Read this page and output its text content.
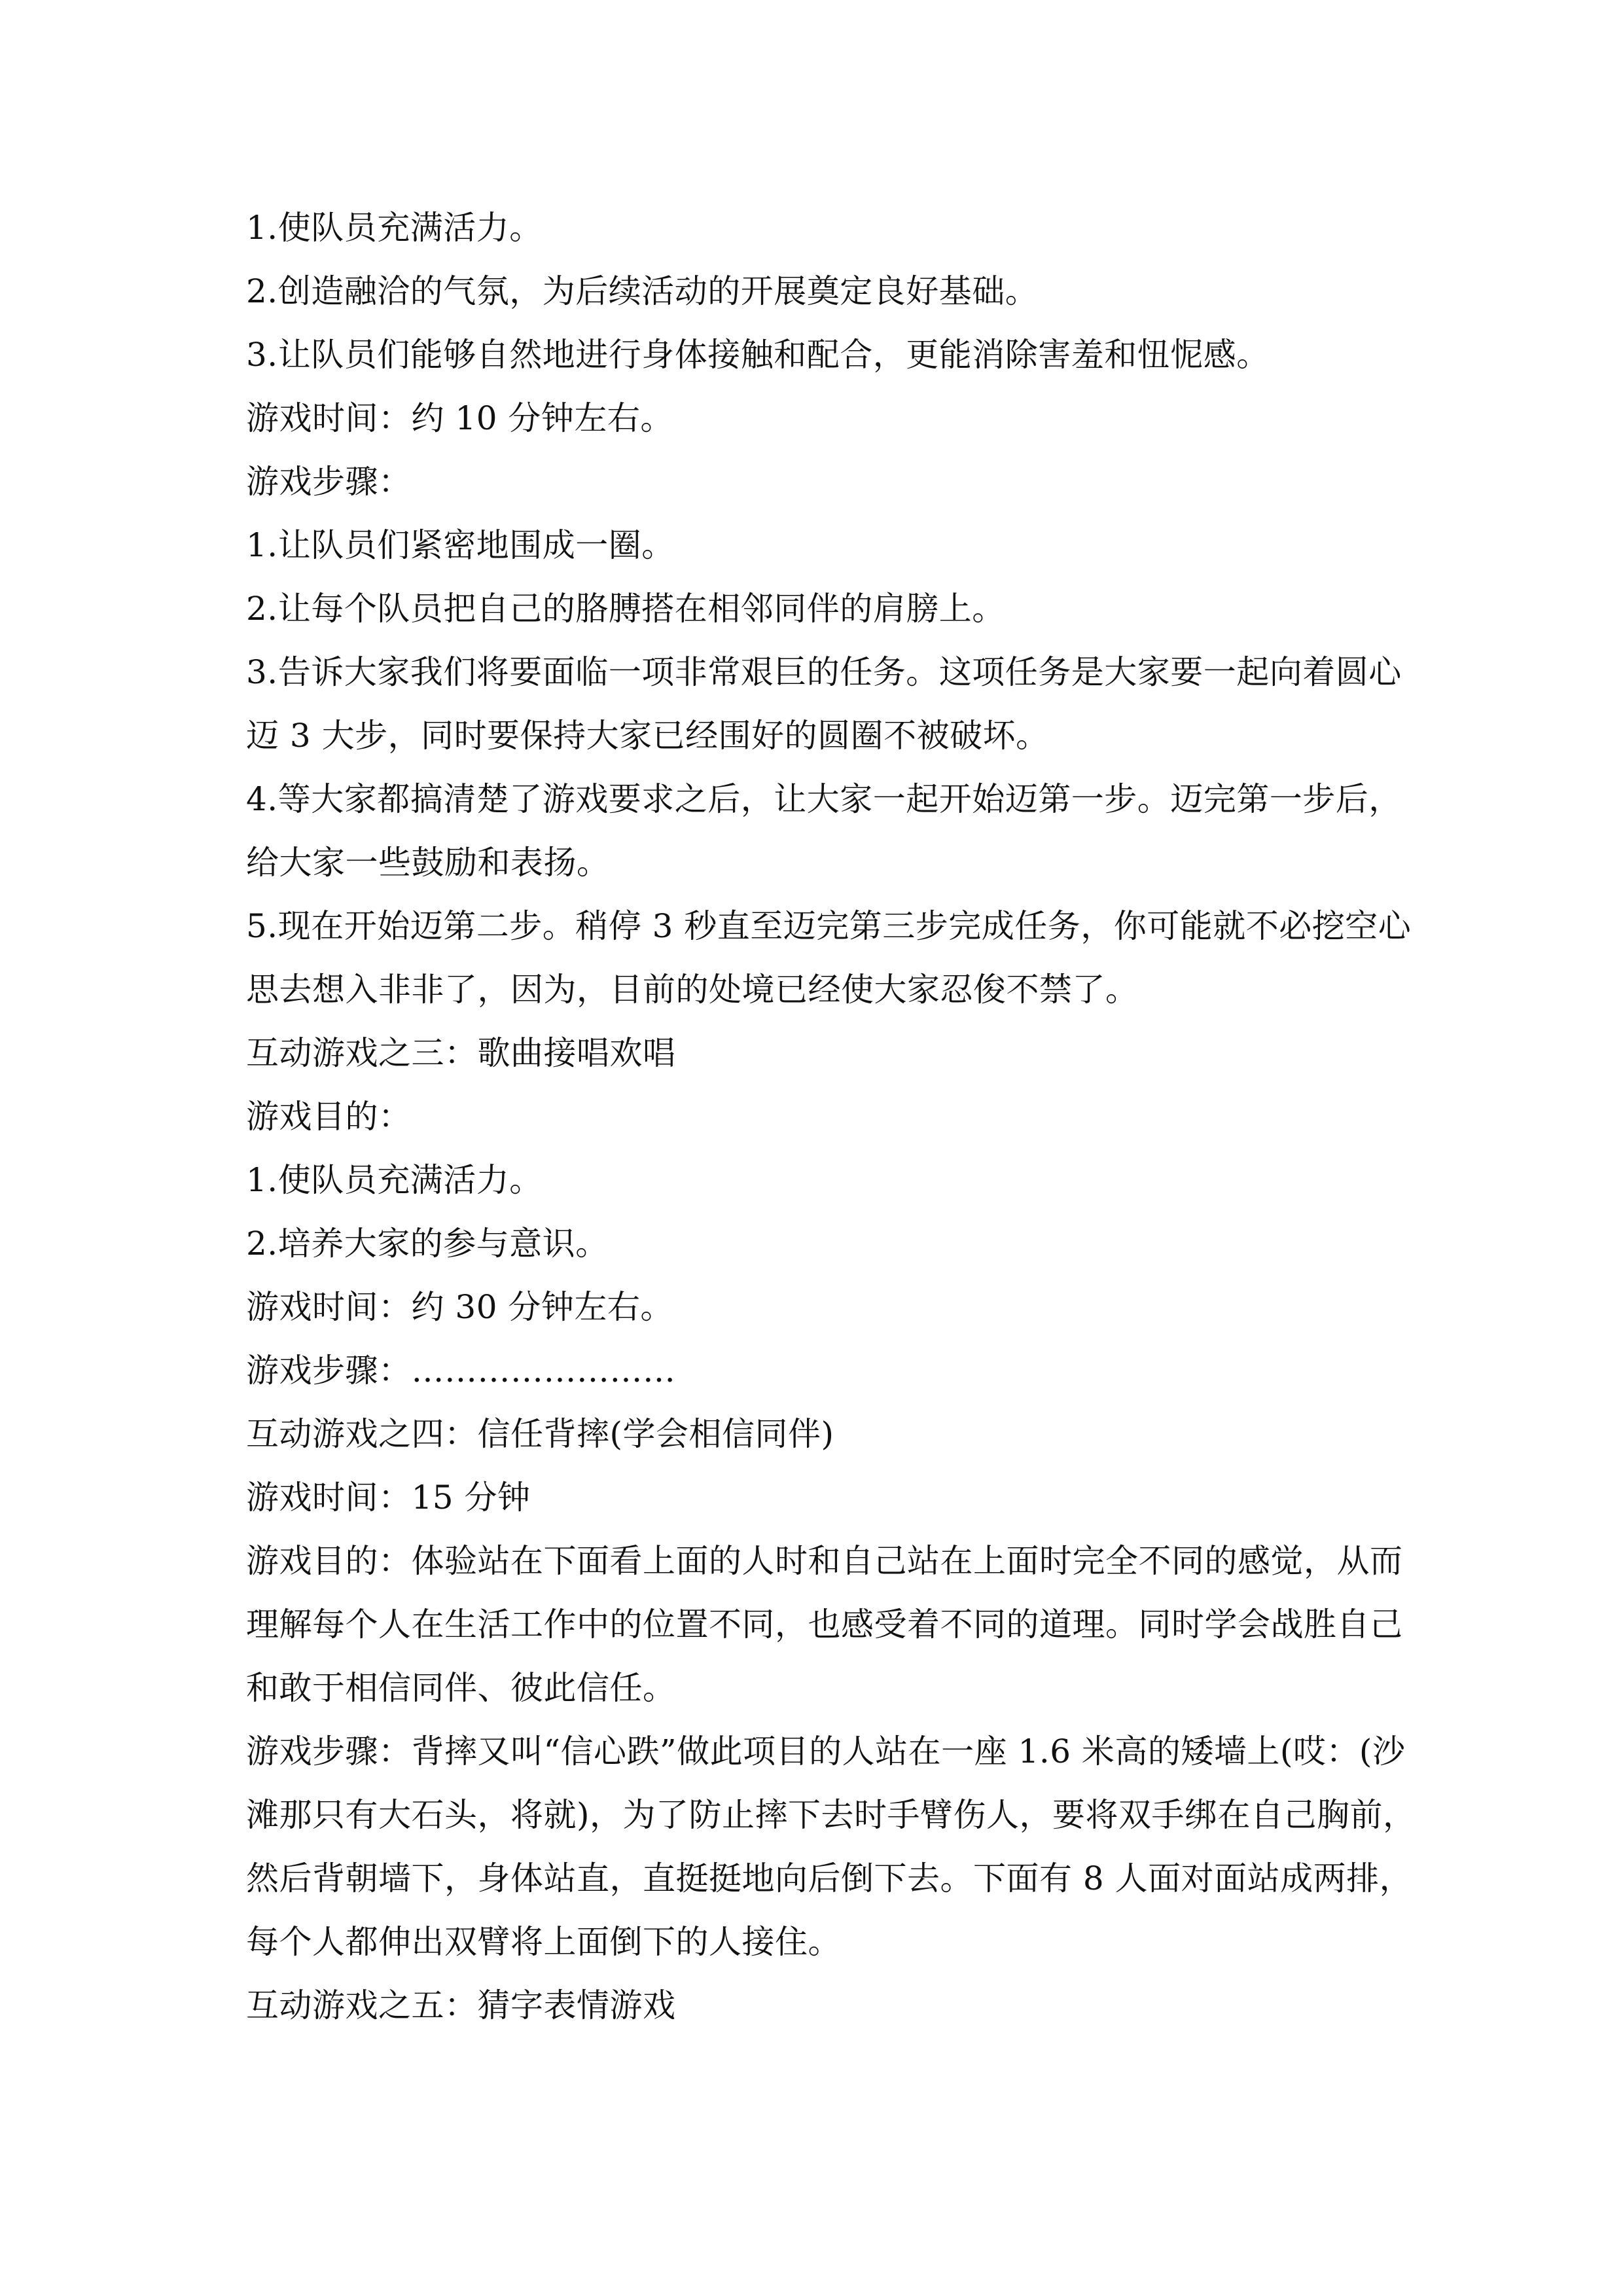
1.使队员充满活力。
2.创造融洽的气氛，为后续活动的开展奠定良好基础。
3.让队员们能够自然地进行身体接触和配合，更能消除害羞和忸怩感。
游戏时间：约 10 分钟左右。
游戏步骤：
1.让队员们紧密地围成一圈。
2.让每个队员把自己的胳膊搭在相邻同伴的肩膀上。
3.告诉大家我们将要面临一项非常艰巨的任务。这项任务是大家要一起向着圆心
迈 3 大步，同时要保持大家已经围好的圆圈不被破坏。
4.等大家都搞清楚了游戏要求之后，让大家一起开始迈第一步。迈完第一步后，
给大家一些鼓励和表扬。
5.现在开始迈第二步。稍停 3 秒直至迈完第三步完成任务，你可能就不必挖空心
思去想入非非了，因为，目前的处境已经使大家忍俊不禁了。
互动游戏之三：歌曲接唱欢唱
游戏目的：
1.使队员充满活力。
2.培养大家的参与意识。
游戏时间：约 30 分钟左右。
游戏步骤：……………………
互动游戏之四：信任背摔(学会相信同伴)
游戏时间：15 分钟
游戏目的：体验站在下面看上面的人时和自己站在上面时完全不同的感觉，从而
理解每个人在生活工作中的位置不同，也感受着不同的道理。同时学会战胜自己
和敢于相信同伴、彼此信任。
游戏步骤：背摔又叫“信心跌”做此项目的人站在一座 1.6 米高的矮墙上(哎：(沙
滩那只有大石头，将就)，为了防止摔下去时手臂伤人，要将双手绑在自己胸前，
然后背朝墙下，身体站直，直挺挺地向后倒下去。下面有 8 人面对面站成两排，
每个人都伸出双臂将上面倒下的人接住。
互动游戏之五：猜字表情游戏
